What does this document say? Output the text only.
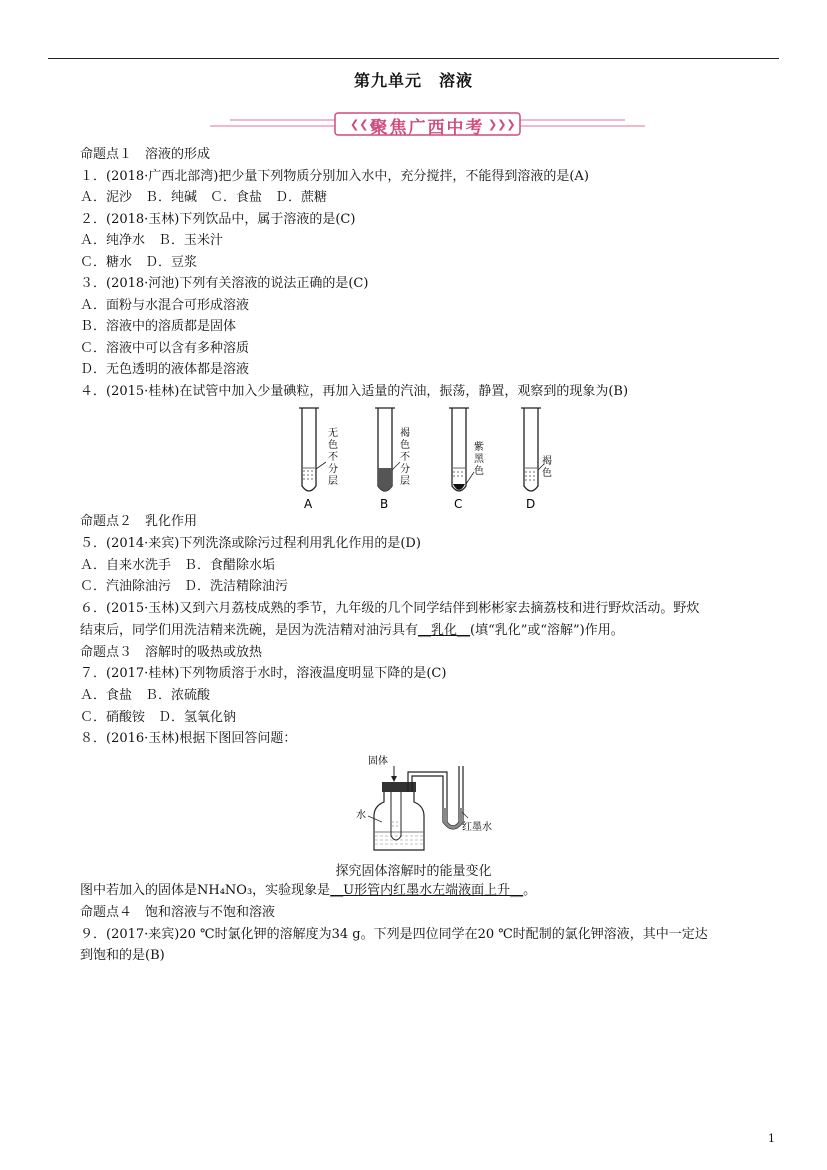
第九单元　溶液
❮❮❮	❯❯❯
聚焦广西中考
命题点１　溶液的形成
１．(2018·广西北部湾)把少量下列物质分别加入水中，充分搅拌，不能得到溶液的是(A)
Ａ．泥沙　Ｂ．纯碱　Ｃ．食盐　Ｄ．蔗糖
２．(2018·玉林)下列饮品中，属于溶液的是(C)
Ａ．纯净水　Ｂ．玉米汁
Ｃ．糖水　Ｄ．豆浆
３．(2018·河池)下列有关溶液的说法正确的是(C)
Ａ．面粉与水混合可形成溶液
Ｂ．溶液中的溶质都是固体
Ｃ．溶液中可以含有多种溶质
Ｄ．无色透明的液体都是溶液
４．(2015·桂林)在试管中加入少量碘粒，再加入适量的汽油，振荡，静置，观察到的现象为(B)
无
色
不
分
层
A
褐
色
不
分
层
B
紫
黑
色
C
褐
色
D
命题点２　乳化作用
５．(2014·来宾)下列洗涤或除污过程利用乳化作用的是(D)
Ａ．自来水洗手　Ｂ．食醋除水垢
Ｃ．汽油除油污　Ｄ．洗洁精除油污
６．(2015·玉林)又到六月荔枝成熟的季节，九年级的几个同学结伴到彬彬家去摘荔枝和进行野炊活动。野炊
结束后，同学们用洗洁精来洗碗，是因为洗洁精对油污具有__乳化__(填“乳化”或“溶解”)作用。
命题点３　溶解时的吸热或放热
７．(2017·桂林)下列物质溶于水时，溶液温度明显下降的是(C)
Ａ．食盐　Ｂ．浓硫酸
Ｃ．硝酸铵　Ｄ．氢氧化钠
８．(2016·玉林)根据下图回答问题：
固体
水
红墨水
探究固体溶解时的能量变化
图中若加入的固体是NH₄NO₃，实验现象是__U形管内红墨水左端液面上升__。
命题点４　饱和溶液与不饱和溶液
９．(2017·来宾)20 ℃时氯化钾的溶解度为34 g。下列是四位同学在20 ℃时配制的氯化钾溶液，其中一定达
到饱和的是(B)
1
